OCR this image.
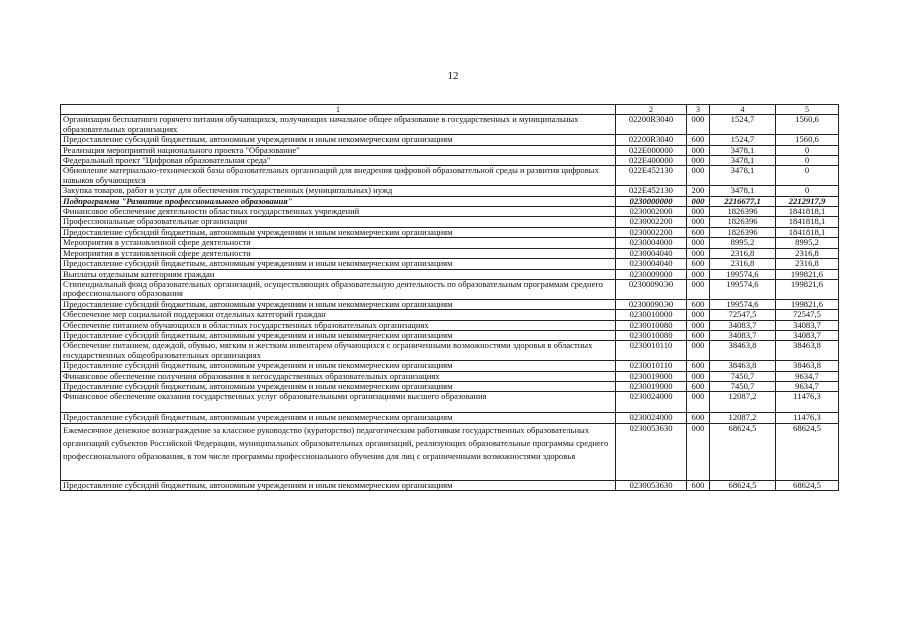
12
1	2	3	4	5
Организация бесплатного горячего питания обучающихся, получающих начальное общее образование в государственных и муниципальных образовательных организациях	02200R3040	000	1524,7	1560,6
Предоставление субсидий бюджетным, автономным учреждениям и иным некоммерческим организациям	02200R3040	600	1524,7	1560,6
Реализация мероприятий национального проекта "Образование"	022E000000	000	3478,1	0
Федеральный проект "Цифровая образовательная среда"	022E400000	000	3478,1	0
Обновление материально-технической базы образовательных организаций для внедрения цифровой образовательной среды и развития цифровых навыков обучающихся	022E452130	000	3478,1	0
Закупка товаров, работ и услуг для обеспечения государственных (муниципальных) нужд	022E452130	200	3478,1	0
Подпрограмма "Развитие профессионального образования"	0230000000	000	2216677,1	2212917,9
Финансовое обеспечение деятельности областных государственных учреждений	0230002000	000	1826396	1841818,1
Профессиональные образовательные организации	0230002200	000	1826396	1841818,1
Предоставление субсидий бюджетным, автономным учреждениям и иным некоммерческим организациям	0230002200	600	1826396	1841818,1
Мероприятия в установленной сфере деятельности	0230004000	000	8995,2	8995,2
Мероприятия в установленной сфере деятельности	0230004040	000	2316,8	2316,8
Предоставление субсидий бюджетным, автономным учреждениям и иным некоммерческим организациям	0230004040	600	2316,8	2316,8
Выплаты отдельным категориям граждан	0230009000	000	199574,6	199821,6
Стипендиальный фонд образовательных организаций, осуществляющих образовательную деятельность по образовательным программам среднего профессионального образования	02300090Э0	000	199574,6	199821,6
Предоставление субсидий бюджетным, автономным учреждениям и иным некоммерческим организациям	02300090Э0	600	199574,6	199821,6
Обеспечение мер социальной поддержки отдельных категорий граждан	0230010000	000	72547,5	72547,5
Обеспечение питанием обучающихся в областных государственных образовательных организациях	0230010080	000	34083,7	34083,7
Предоставление субсидий бюджетным, автономным учреждениям и иным некоммерческим организациям	0230010080	600	34083,7	34083,7
Обеспечение питанием, одеждой, обувью, мягким и жестким инвентарем обучающихся с ограниченными возможностями здоровья в областных государственных общеобразовательных организациях	0230010110	000	38463,8	38463,8
Предоставление субсидий бюджетным, автономным учреждениям и иным некоммерческим организациям	0230010110	600	38463,8	38463,8
Финансовое обеспечение получения образования в негосударственных образовательных организациях	0230019000	000	7450,7	9634,7
Предоставление субсидий бюджетным, автономным учреждениям и иным некоммерческим организациям	0230019000	600	7450,7	9634,7
Финансовое обеспечение оказания государственных услуг образовательными организациями высшего образования	0230024000	000	12087,2	11476,3
Предоставление субсидий бюджетным, автономным учреждениям и иным некоммерческим организациям	0230024000	600	12087,2	11476,3
Ежемесячное денежное вознаграждение за классное руководство (кураторство) педагогическим работникам государственных образовательных организаций субъектов Российской Федерации, муниципальных образовательных организаций, реализующих образовательные программы среднего профессионального образования, в том числе программы профессионального обучения для лиц с ограниченными возможностями здоровья	0230053630	000	68624,5	68624,5
Предоставление субсидий бюджетным, автономным учреждениям и иным некоммерческим организациям	0230053630	600	68624,5	68624,5
